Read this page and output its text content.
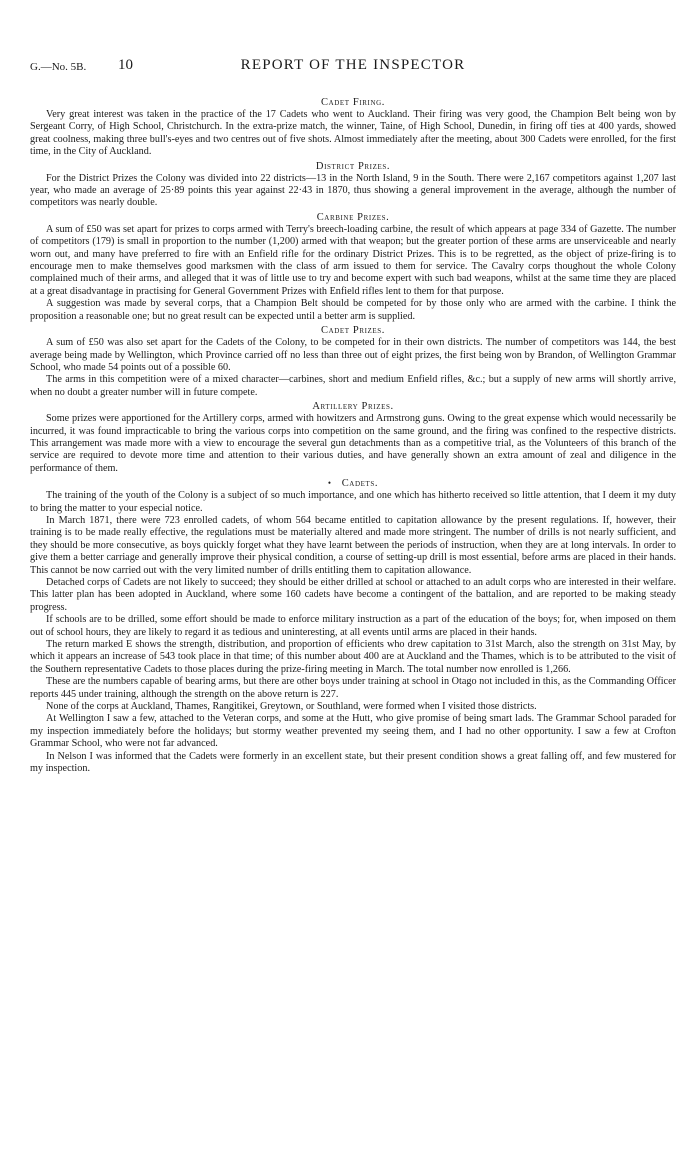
G.—No. 5B. 10	REPORT OF THE INSPECTOR
Cadet Firing.

Very great interest was taken in the practice of the 17 Cadets who went to Auckland. Their firing was very good, the Champion Belt being won by Sergeant Corry, of High School, Christchurch. In the extra-prize match, the winner, Taine, of High School, Dunedin, in firing off ties at 400 yards, showed great coolness, making three bull's-eyes and two centres out of five shots. Almost immediately after the meeting, about 300 Cadets were enrolled, for the first time, in the City of Auckland.

District Prizes.

For the District Prizes the Colony was divided into 22 districts—13 in the North Island, 9 in the South. There were 2,167 competitors against 1,207 last year, who made an average of 25·89 points this year against 22·43 in 1870, thus showing a general improvement in the average, although the number of competitors was nearly double.

Carbine Prizes.

A sum of £50 was set apart for prizes to corps armed with Terry's breech-loading carbine, the result of which appears at page 334 of Gazette. The number of competitors (179) is small in proportion to the number (1,200) armed with that weapon; but the greater portion of these arms are unserviceable and nearly worn out, and many have preferred to fire with an Enfield rifle for the ordinary District Prizes. This is to be regretted, as the object of prize-firing is to encourage men to make themselves good marksmen with the class of arm issued to them for service. The Cavalry corps thoughout the whole Colony complained much of their arms, and alleged that it was of little use to try and become expert with such bad weapons, whilst at the same time they are placed at a great disadvantage in practising for General Government Prizes with Enfield rifles lent to them for that purpose.

A suggestion was made by several corps, that a Champion Belt should be competed for by those only who are armed with the carbine. I think the proposition a reasonable one; but no great result can be expected until a better arm is supplied.

Cadet Prizes.

A sum of £50 was also set apart for the Cadets of the Colony, to be competed for in their own districts. The number of competitors was 144, the best average being made by Wellington, which Province carried off no less than three out of eight prizes, the first being won by Brandon, of Wellington Grammar School, who made 54 points out of a possible 60.

The arms in this competition were of a mixed character—carbines, short and medium Enfield rifles, &c.; but a supply of new arms will shortly arrive, when no doubt a greater number will in future compete.

Artillery Prizes.

Some prizes were apportioned for the Artillery corps, armed with howitzers and Armstrong guns. Owing to the great expense which would necessarily be incurred, it was found impracticable to bring the various corps into competition on the same ground, and the firing was confined to the respective districts. This arrangement was made more with a view to encourage the several gun detachments than as a competitive trial, as the Volunteers of this branch of the service are required to devote more time and attention to their various duties, and have generally shown an extra amount of zeal and diligence in the performance of them.

• Cadets.

The training of the youth of the Colony is a subject of so much importance, and one which has hitherto received so little attention, that I deem it my duty to bring the matter to your especial notice.

In March 1871, there were 723 enrolled cadets, of whom 564 became entitled to capitation allowance by the present regulations. If, however, their training is to be made really effective, the regulations must be materially altered and made more stringent. The number of drills is not nearly sufficient, and they should be more consecutive, as boys quickly forget what they have learnt between the periods of instruction, when they are at long intervals. In order to give them a better carriage and generally improve their physical condition, a course of setting-up drill is most essential, before arms are placed in their hands. This cannot be now carried out with the very limited number of drills entitling them to capitation allowance.

Detached corps of Cadets are not likely to succeed; they should be either drilled at school or attached to an adult corps who are interested in their welfare. This latter plan has been adopted in Auckland, where some 160 cadets have become a contingent of the battalion, and are reported to be making steady progress.

If schools are to be drilled, some effort should be made to enforce military instruction as a part of the education of the boys; for, when imposed on them out of school hours, they are likely to regard it as tedious and uninteresting, at all events until arms are placed in their hands.

The return marked E shows the strength, distribution, and proportion of efficients who drew capitation to 31st March, also the strength on 31st May, by which it appears an increase of 543 took place in that time; of this number about 400 are at Auckland and the Thames, which is to be attributed to the visit of the Southern representative Cadets to those places during the prize-firing meeting in March. The total number now enrolled is 1,266.

These are the numbers capable of bearing arms, but there are other boys under training at school in Otago not included in this, as the Commanding Officer reports 445 under training, although the strength on the above return is 227.

None of the corps at Auckland, Thames, Rangitikei, Greytown, or Southland, were formed when I visited those districts.

At Wellington I saw a few, attached to the Veteran corps, and some at the Hutt, who give promise of being smart lads. The Grammar School paraded for my inspection immediately before the holidays; but stormy weather prevented my seeing them, and I had no other opportunity. I saw a few at Crofton Grammar School, who were not far advanced.

In Nelson I was informed that the Cadets were formerly in an excellent state, but their present condition shows a great falling off, and few mustered for my inspection.
